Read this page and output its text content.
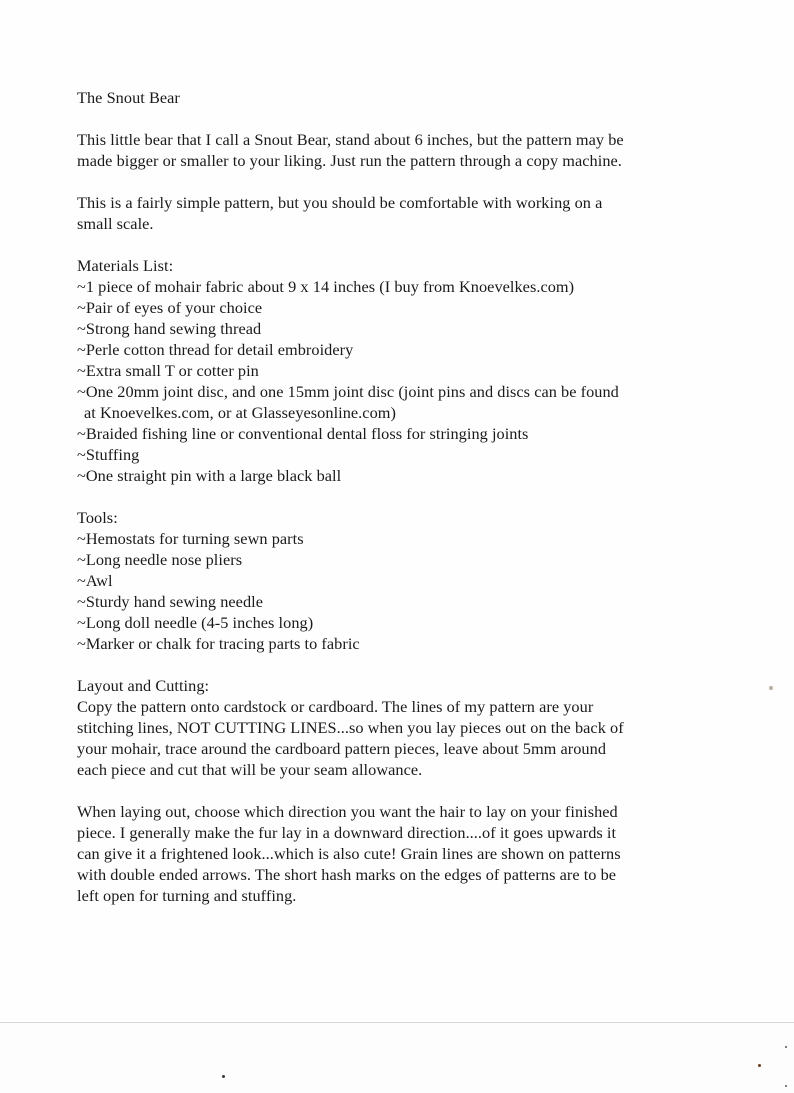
The Snout Bear

This little bear that I call a Snout Bear, stand about 6 inches, but the pattern may be
made bigger or smaller to your liking. Just run the pattern through a copy machine.
This is a fairly simple pattern, but you should be comfortable with working on a
small scale.
Materials List:
~1 piece of mohair fabric about 9 x 14 inches (I buy from Knoevelkes.com)
~Pair of eyes of your choice
~Strong hand sewing thread
~Perle cotton thread for detail embroidery
~Extra small T or cotter pin
~One 20mm joint disc, and one 15mm joint disc (joint pins and discs can be found
at Knoevelkes.com, or at Glasseyesonline.com)
~Braided fishing line or conventional dental floss for stringing joints
~Stuffing
~One straight pin with a large black ball
Tools:
~Hemostats for turning sewn parts
~Long needle nose pliers
~Awl
~Sturdy hand sewing needle
~Long doll needle (4-5 inches long)
~Marker or chalk for tracing parts to fabric
Layout and Cutting:
Copy the pattern onto cardstock or cardboard. The lines of my pattern are your
stitching lines, NOT CUTTING LINES...so when you lay pieces out on the back of
your mohair, trace around the cardboard pattern pieces, leave about 5mm around
each piece and cut that will be your seam allowance.
When laying out, choose which direction you want the hair to lay on your finished
piece. I generally make the fur lay in a downward direction....of it goes upwards it
can give it a frightened look...which is also cute! Grain lines are shown on patterns
with double ended arrows. The short hash marks on the edges of patterns are to be
left open for turning and stuffing.
